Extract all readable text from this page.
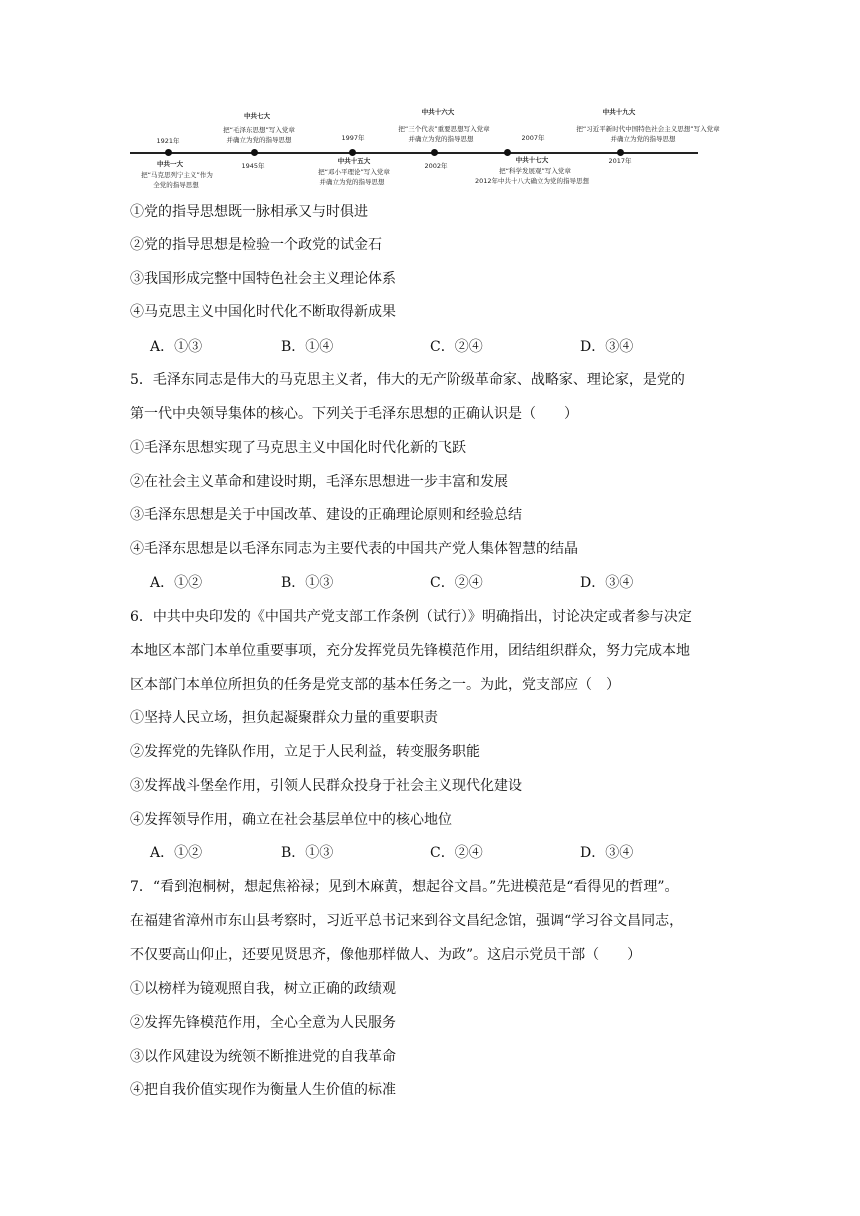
1921年
中共一大
把“马克思列宁主义”作为
全党的指导思想
中共七大
把“毛泽东思想”写入党章
并确立为党的指导思想
1945年
1997年
中共十五大
把“邓小平理论”写入党章
并确立为党的指导思想
中共十六大
把“三个代表”重要思想写入党章
并确立为党的指导思想
2002年
2007年
中共十七大
把“科学发展观”写入党章
2012年中共十八大确立为党的指导思想
中共十九大
把“习近平新时代中国特色社会主义思想”写入党章
并确立为党的指导思想
2017年
①党的指导思想既一脉相承又与时俱进
②党的指导思想是检验一个政党的试金石
③我国形成完整中国特色社会主义理论体系
④马克思主义中国化时代化不断取得新成果
A．①③	B．①④	C．②④	D．③④
5．毛泽东同志是伟大的马克思主义者，伟大的无产阶级革命家、战略家、理论家，是党的
第一代中央领导集体的核心。下列关于毛泽东思想的正确认识是（　　）
①毛泽东思想实现了马克思主义中国化时代化新的飞跃
②在社会主义革命和建设时期，毛泽东思想进一步丰富和发展
③毛泽东思想是关于中国改革、建设的正确理论原则和经验总结
④毛泽东思想是以毛泽东同志为主要代表的中国共产党人集体智慧的结晶
A．①②	B．①③	C．②④	D．③④
6．中共中央印发的《中国共产党支部工作条例（试行）》明确指出，讨论决定或者参与决定
本地区本部门本单位重要事项，充分发挥党员先锋模范作用，团结组织群众，努力完成本地
区本部门本单位所担负的任务是党支部的基本任务之一。为此，党支部应（　）
①坚持人民立场，担负起凝聚群众力量的重要职责
②发挥党的先锋队作用，立足于人民利益，转变服务职能
③发挥战斗堡垒作用，引领人民群众投身于社会主义现代化建设
④发挥领导作用，确立在社会基层单位中的核心地位
A．①②	B．①③	C．②④	D．③④
7．“看到泡桐树，想起焦裕禄；见到木麻黄，想起谷文昌。”先进模范是“看得见的哲理”。
在福建省漳州市东山县考察时，习近平总书记来到谷文昌纪念馆，强调“学习谷文昌同志，
不仅要高山仰止，还要见贤思齐，像他那样做人、为政”。这启示党员干部（　　）
①以榜样为镜观照自我，树立正确的政绩观
②发挥先锋模范作用，全心全意为人民服务
③以作风建设为统领不断推进党的自我革命
④把自我价值实现作为衡量人生价值的标准
